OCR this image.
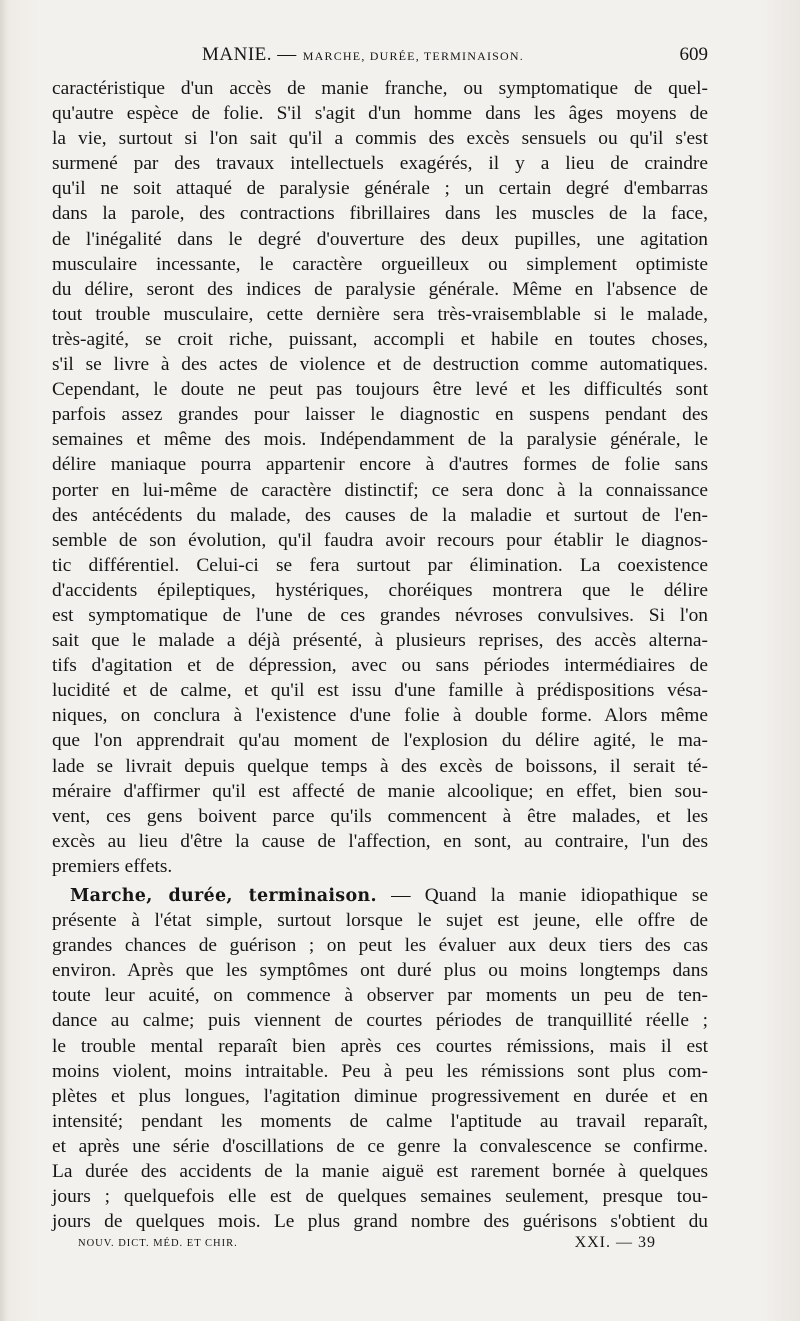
MANIE. — MARCHE, DURÉE, TERMINAISON.	609
caractéristique d'un accès de manie franche, ou symptomatique de quel-
qu'autre espèce de folie. S'il s'agit d'un homme dans les âges moyens de
la vie, surtout si l'on sait qu'il a commis des excès sensuels ou qu'il s'est
surmené par des travaux intellectuels exagérés, il y a lieu de craindre
qu'il ne soit attaqué de paralysie générale ; un certain degré d'embarras
dans la parole, des contractions fibrillaires dans les muscles de la face,
de l'inégalité dans le degré d'ouverture des deux pupilles, une agitation
musculaire incessante, le caractère orgueilleux ou simplement optimiste
du délire, seront des indices de paralysie générale. Même en l'absence de
tout trouble musculaire, cette dernière sera très-vraisemblable si le malade,
très-agité, se croit riche, puissant, accompli et habile en toutes choses,
s'il se livre à des actes de violence et de destruction comme automatiques.
Cependant, le doute ne peut pas toujours être levé et les difficultés sont
parfois assez grandes pour laisser le diagnostic en suspens pendant des
semaines et même des mois. Indépendamment de la paralysie générale, le
délire maniaque pourra appartenir encore à d'autres formes de folie sans
porter en lui-même de caractère distinctif; ce sera donc à la connaissance
des antécédents du malade, des causes de la maladie et surtout de l'en-
semble de son évolution, qu'il faudra avoir recours pour établir le diagnos-
tic différentiel. Celui-ci se fera surtout par élimination. La coexistence
d'accidents épileptiques, hystériques, choréiques montrera que le délire
est symptomatique de l'une de ces grandes névroses convulsives. Si l'on
sait que le malade a déjà présenté, à plusieurs reprises, des accès alterna-
tifs d'agitation et de dépression, avec ou sans périodes intermédiaires de
lucidité et de calme, et qu'il est issu d'une famille à prédispositions vésa-
niques, on conclura à l'existence d'une folie à double forme. Alors même
que l'on apprendrait qu'au moment de l'explosion du délire agité, le ma-
lade se livrait depuis quelque temps à des excès de boissons, il serait té-
méraire d'affirmer qu'il est affecté de manie alcoolique; en effet, bien sou-
vent, ces gens boivent parce qu'ils commencent à être malades, et les
excès au lieu d'être la cause de l'affection, en sont, au contraire, l'un des
premiers effets.
Marche, durée, terminaison. — Quand la manie idiopathique se
présente à l'état simple, surtout lorsque le sujet est jeune, elle offre de
grandes chances de guérison ; on peut les évaluer aux deux tiers des cas
environ. Après que les symptômes ont duré plus ou moins longtemps dans
toute leur acuité, on commence à observer par moments un peu de ten-
dance au calme; puis viennent de courtes périodes de tranquillité réelle ;
le trouble mental reparaît bien après ces courtes rémissions, mais il est
moins violent, moins intraitable. Peu à peu les rémissions sont plus com-
plètes et plus longues, l'agitation diminue progressivement en durée et en
intensité; pendant les moments de calme l'aptitude au travail reparaît,
et après une série d'oscillations de ce genre la convalescence se confirme.
La durée des accidents de la manie aiguë est rarement bornée à quelques
jours ; quelquefois elle est de quelques semaines seulement, presque tou-
jours de quelques mois. Le plus grand nombre des guérisons s'obtient du
NOUV. DICT. MÉD. ET CHIR.	XXI. — 39
